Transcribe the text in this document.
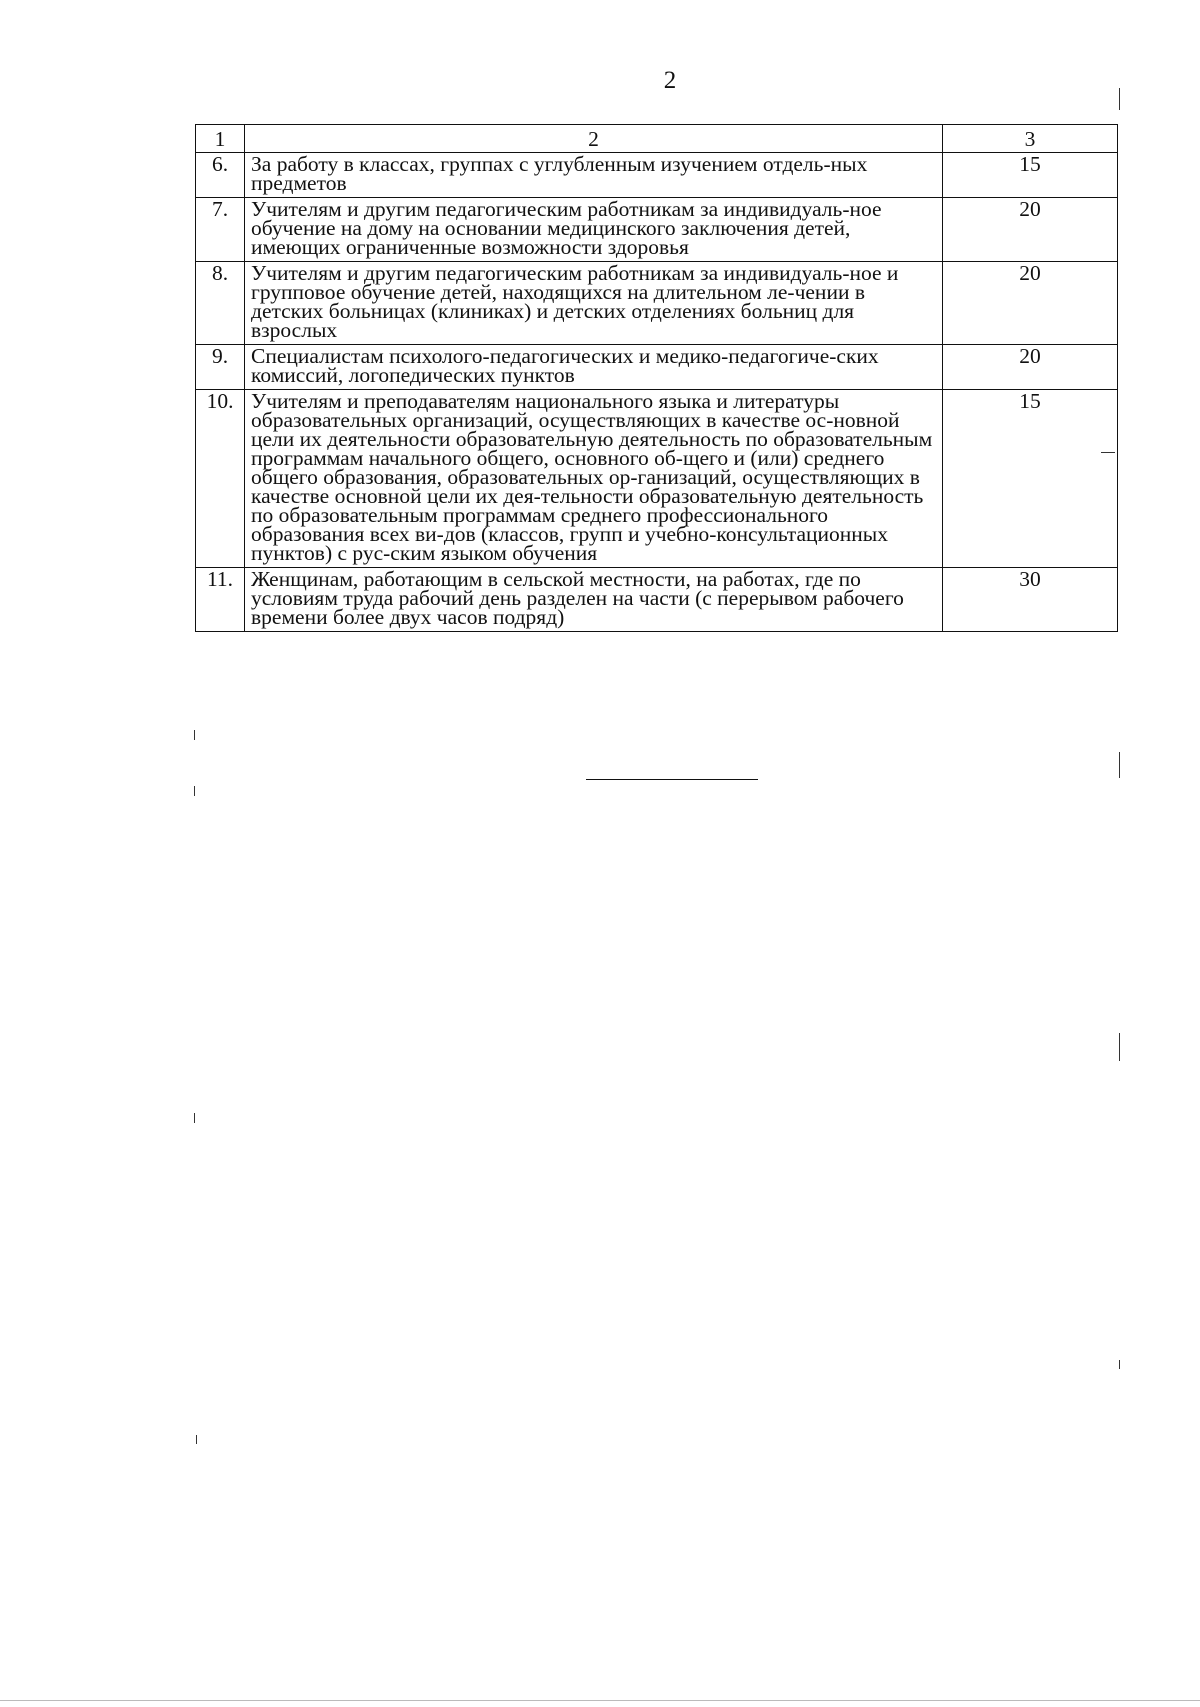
2
1	2	3
6.	За работу в классах, группах с углубленным изучением отдель-ных предметов	15
7.	Учителям и другим педагогическим работникам за индивидуаль-ное обучение на дому на основании медицинского заключения детей, имеющих ограниченные возможности здоровья	20
8.	Учителям и другим педагогическим работникам за индивидуаль-ное и групповое обучение детей, находящихся на длительном ле-чении в детских больницах (клиниках) и детских отделениях больниц для взрослых	20
9.	Специалистам психолого-педагогических и медико-педагогиче-ских комиссий, логопедических пунктов	20
10.	Учителям и преподавателям национального языка и литературы образовательных организаций, осуществляющих в качестве ос-новной цели их деятельности образовательную деятельность по образовательным программам начального общего, основного об-щего и (или) среднего общего образования, образовательных ор-ганизаций, осуществляющих в качестве основной цели их дея-тельности образовательную деятельность по образовательным программам среднего профессионального образования всех ви-дов (классов, групп и учебно-консультационных пунктов) с рус-ским языком обучения	15
11.	Женщинам, работающим в сельской местности, на работах, где по условиям труда рабочий день разделен на части (с перерывом рабочего времени более двух часов подряд)	30
